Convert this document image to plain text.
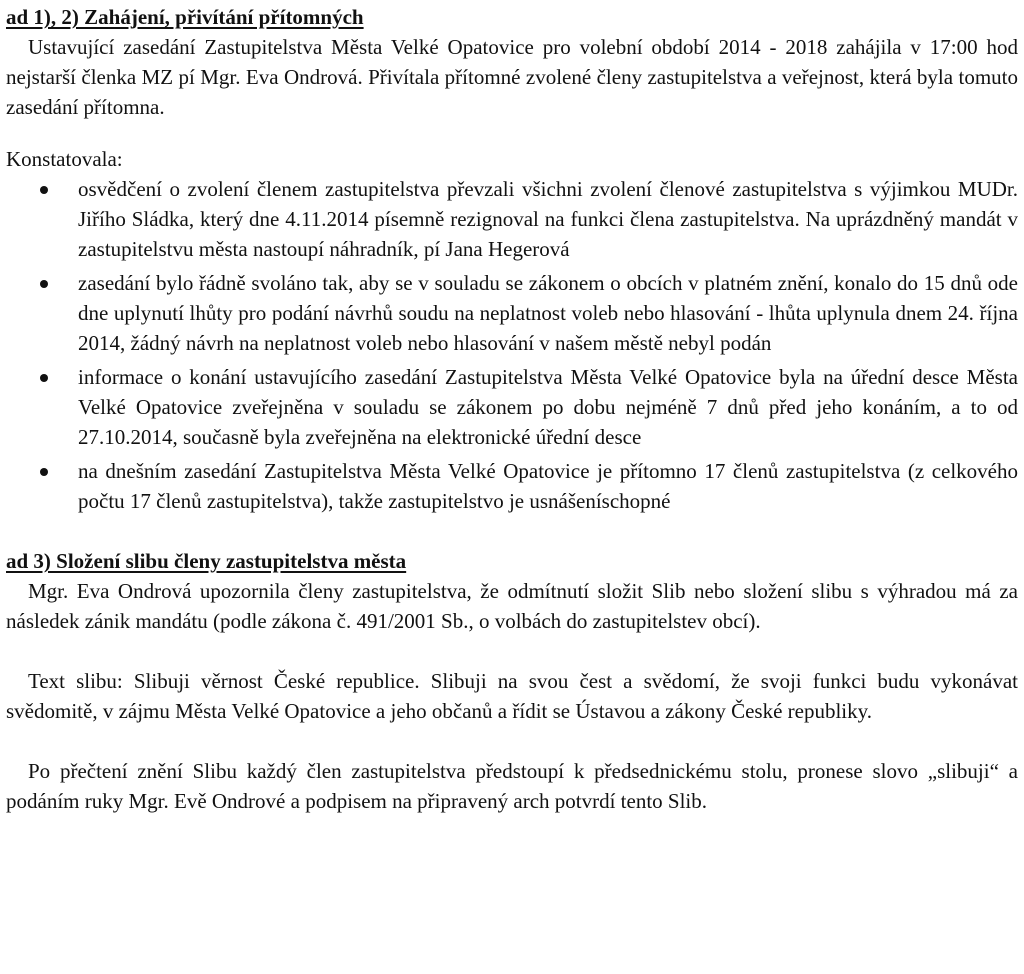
ad 1), 2) Zahájení, přivítání přítomných

Ustavující zasedání Zastupitelstva Města Velké Opatovice pro volební období 2014 - 2018 zahájila v 17:00 hod nejstarší členka MZ pí Mgr. Eva Ondrová. Přivítala přítomné zvolené členy zastupitelstva a veřejnost, která byla tomuto zasedání přítomna.

Konstatovala:

osvědčení o zvolení členem zastupitelstva převzali všichni zvolení členové zastupitelstva s výjimkou MUDr. Jiřího Sládka, který dne 4.11.2014 písemně rezignoval na funkci člena zastupitelstva. Na uprázdněný mandát v zastupitelstvu města nastoupí náhradník, pí Jana Hegerová
zasedání bylo řádně svoláno tak, aby se v souladu se zákonem o obcích v platném znění, konalo do 15 dnů ode dne uplynutí lhůty pro podání návrhů soudu na neplatnost voleb nebo hlasování - lhůta uplynula dnem 24. října 2014, žádný návrh na neplatnost voleb nebo hlasování v našem městě nebyl podán
informace o konání ustavujícího zasedání Zastupitelstva Města Velké Opatovice byla na úřední desce Města Velké Opatovice zveřejněna v souladu se zákonem po dobu nejméně 7 dnů před jeho konáním, a to od 27.10.2014, současně byla zveřejněna na elektronické úřední desce
na dnešním zasedání Zastupitelstva Města Velké Opatovice je přítomno 17 členů zastupitelstva (z celkového počtu 17 členů zastupitelstva), takže zastupitelstvo je usnášeníschopné
ad 3) Složení slibu členy zastupitelstva města

Mgr. Eva Ondrová upozornila členy zastupitelstva, že odmítnutí složit Slib nebo složení slibu s výhradou má za následek zánik mandátu (podle zákona č. 491/2001 Sb., o volbách do zastupitelstev obcí).

Text slibu: Slibuji věrnost České republice. Slibuji na svou čest a svědomí, že svoji funkci budu vykonávat svědomitě, v zájmu Města Velké Opatovice a jeho občanů a řídit se Ústavou a zákony České republiky.

Po přečtení znění Slibu každý člen zastupitelstva předstoupí k předsednickému stolu, pronese slovo „slibuji“ a podáním ruky Mgr. Evě Ondrové a podpisem na připravený arch potvrdí tento Slib.
